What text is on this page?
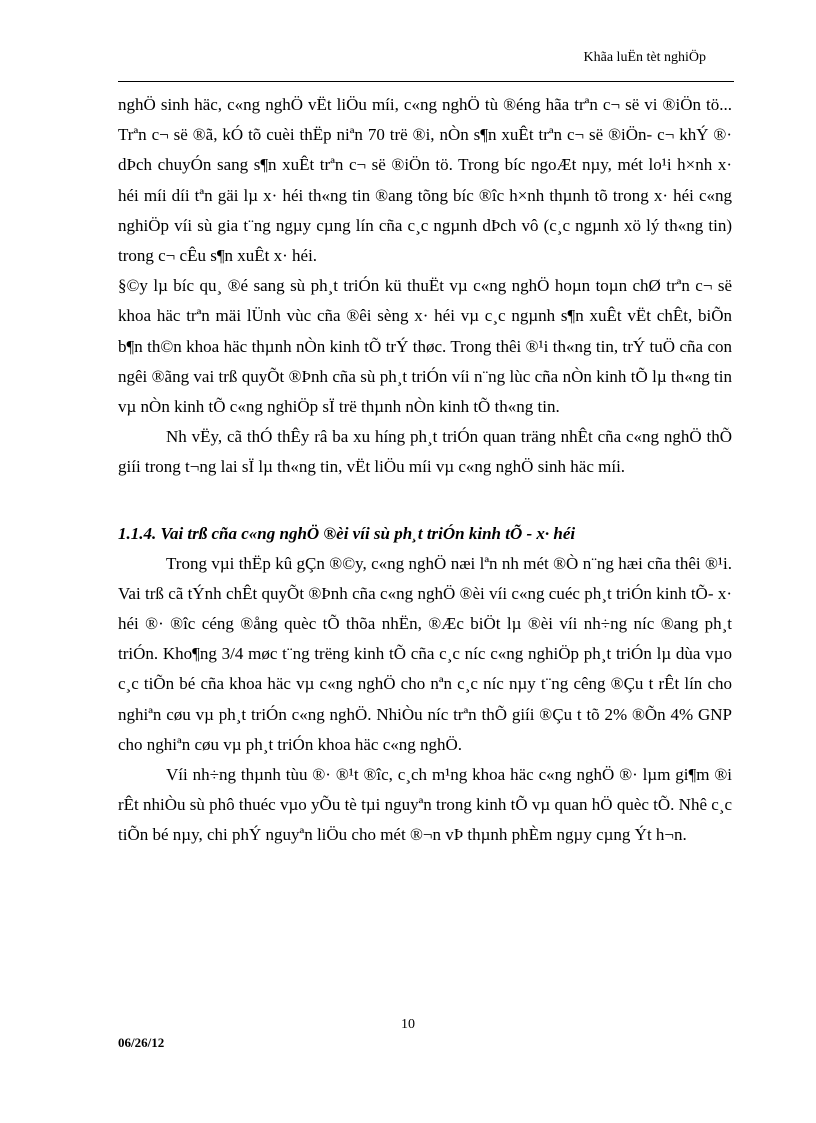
Khãa luËn tèt nghiÖp

nghÖ sinh häc, c«ng nghÖ vËt liÖu míi, c«ng nghÖ tù ®éng hãa trªn c¬ së vi ®iÖn tö... Trªn c¬ së ®ã, kÓ tõ cuèi thËp niªn 70 trë ®i, nÒn s¶n xuÊt trªn c¬ së ®iÖn- c¬ khÝ ®· dÞch chuyÓn sang s¶n xuÊt trªn c¬ së ®iÖn tö. Trong bíc ngoÆt nµy, mét lo¹i h×nh x· héi míi díi tªn gäi lµ x· héi th«ng tin ®ang tõng bíc ®îc h×nh thµnh tõ trong x· héi c«ng nghiÖp víi sù gia t¨ng ngµy cµng lín cña c¸c ngµnh dÞch vô (c¸c ngµnh xö lý th«ng tin) trong c¬ cÊu s¶n xuÊt x· héi.

§©y lµ bíc qu¸ ®é sang sù ph¸t triÓn kü thuËt vµ c«ng nghÖ hoµn toµn chØ trªn c¬ së khoa häc trªn mäi lÜnh vùc cña ®êi sèng x· héi vµ c¸c ngµnh s¶n xuÊt vËt chÊt, biÕn b¶n th©n khoa häc thµnh nÒn kinh tÕ trÝ thøc. Trong thêi ®¹i th«ng tin, trÝ tuÖ cña con ngêi ®ãng vai trß quyÕt ®Þnh cña sù ph¸t triÓn víi n¨ng lùc cña nÒn kinh tÕ lµ th«ng tin vµ nÒn kinh tÕ c«ng nghiÖp sÏ trë thµnh nÒn kinh tÕ th«ng tin.

Nh vËy, cã thÓ thÊy râ ba xu híng ph¸t triÓn quan träng nhÊt cña c«ng nghÖ thÕ giíi trong t¬ng lai sÏ lµ th«ng tin, vËt liÖu míi vµ c«ng nghÖ sinh häc míi.

1.1.4. Vai trß cña c«ng nghÖ ®èi víi sù ph¸t triÓn kinh tÕ - x· héi

Trong vµi thËp kû gÇn ®©y, c«ng nghÖ næi lªn nh mét ®Ò n¨ng hæi cña thêi ®¹i. Vai trß cã tÝnh chÊt quyÕt ®Þnh cña c«ng nghÖ ®èi víi c«ng cuéc ph¸t triÓn kinh tÕ- x· héi ®· ®îc céng ®ång quèc tÕ thõa nhËn, ®Æc biÖt lµ ®èi víi nh÷ng níc ®ang ph¸t triÓn. Kho¶ng 3/4 møc t¨ng trëng kinh tÕ cña c¸c níc c«ng nghiÖp ph¸t triÓn lµ dùa vµo c¸c tiÕn bé cña khoa häc vµ c«ng nghÖ cho nªn c¸c níc nµy t¨ng cêng ®Çu t rÊt lín cho nghiªn cøu vµ ph¸t triÓn c«ng nghÖ. NhiÒu níc trªn thÕ giíi ®Çu t tõ 2% ®Õn 4% GNP cho nghiªn cøu vµ ph¸t triÓn khoa häc c«ng nghÖ.

Víi nh÷ng thµnh tùu ®· ®¹t ®îc, c¸ch m¹ng khoa häc c«ng nghÖ ®· lµm gi¶m ®i rÊt nhiÒu sù phô thuéc vµo yÕu tè tµi nguyªn trong kinh tÕ vµ quan hÖ quèc tÕ. Nhê c¸c tiÕn bé nµy, chi phÝ nguyªn liÖu cho mét ®¬n vÞ thµnh phÈm ngµy cµng Ýt h¬n.

10
06/26/12
